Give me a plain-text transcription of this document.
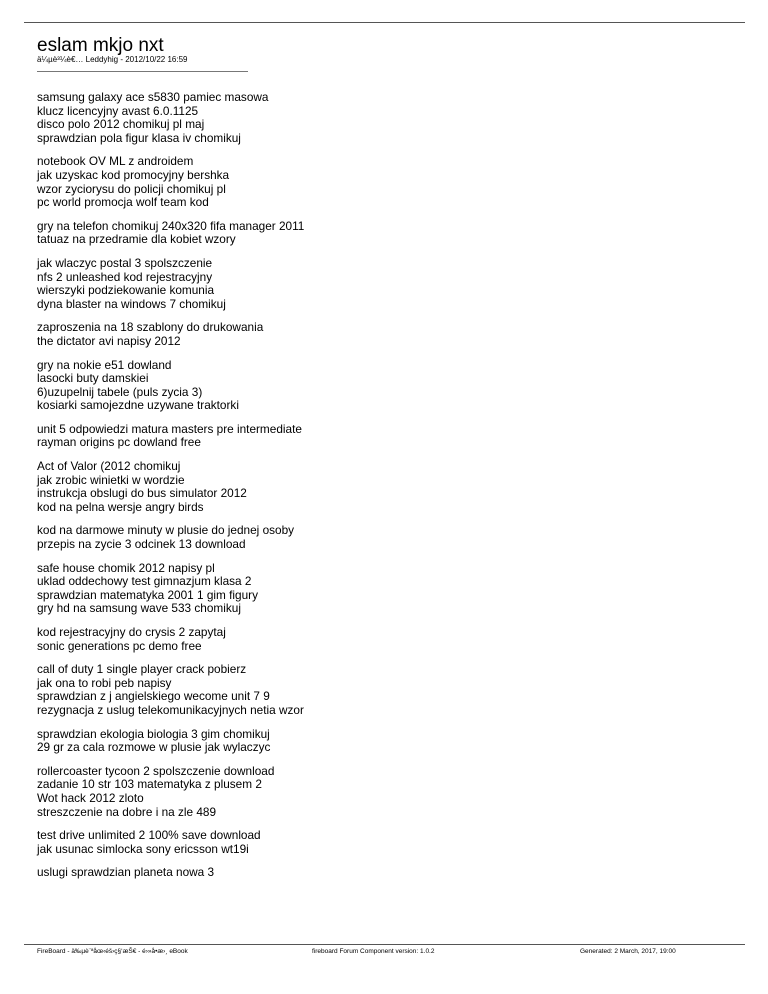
eslam mkjo nxt
ä¼µè³¼è€… Leddyhig - 2012/10/22 16:59
samsung galaxy ace s5830 pamiec masowa
klucz licencyjny avast 6.0.1125
disco polo 2012 chomikuj pl maj
sprawdzian pola figur klasa iv chomikuj
notebook OV ML z androidem
jak uzyskac kod promocyjny bershka
wzor zyciorysu do policji chomikuj pl
pc world promocja wolf team kod
gry na telefon chomikuj 240x320 fifa manager 2011
tatuaz na przedramie dla kobiet wzory
jak wlaczyc postal 3 spolszczenie
nfs 2 unleashed kod rejestracyjny
wierszyki podziekowanie komunia
dyna blaster na windows 7 chomikuj
zaproszenia na 18 szablony do drukowania
the dictator avi napisy 2012
gry na nokie e51 dowland
lasocki buty damskiei
6)uzupelnij tabele (puls zycia 3)
kosiarki samojezdne uzywane traktorki
unit 5 odpowiedzi matura masters pre intermediate
rayman origins pc dowland free
Act of Valor (2012 chomikuj
jak zrobic winietki w wordzie
instrukcja obslugi do bus simulator 2012
kod na pelna wersje angry birds
kod na darmowe minuty w plusie do jednej osoby
przepis na zycie 3 odcinek 13 download
safe house chomik 2012 napisy pl
uklad oddechowy test gimnazjum klasa 2
sprawdzian matematyka 2001 1 gim figury
gry hd na samsung wave 533 chomikuj
kod rejestracyjny do crysis 2 zapytaj
sonic generations pc demo free
call of duty 1 single player crack pobierz
jak ona to robi peb napisy
sprawdzian z j angielskiego wecome unit 7 9
rezygnacja z uslug telekomunikacyjnych netia wzor
sprawdzian ekologia biologia 3 gim chomikuj
29 gr za cala rozmowe w plusie jak wylaczyc
rollercoaster tycoon 2 spolszczenie download
zadanie 10 str 103 matematyka z plusem 2
Wot hack 2012 zloto
streszczenie na dobre i na zle 489
test drive unlimited 2 100% save download
jak usunac simlocka sony ericsson wt19i
uslugi sprawdzian planeta nowa 3
FireBoard - ä‰µè¨ªåœ‹éš›ç§‘æŠ€ - é›»å•æ›¸ eBook	fireboard Forum Component version: 1.0.2	Generated: 2 March, 2017, 19:00
